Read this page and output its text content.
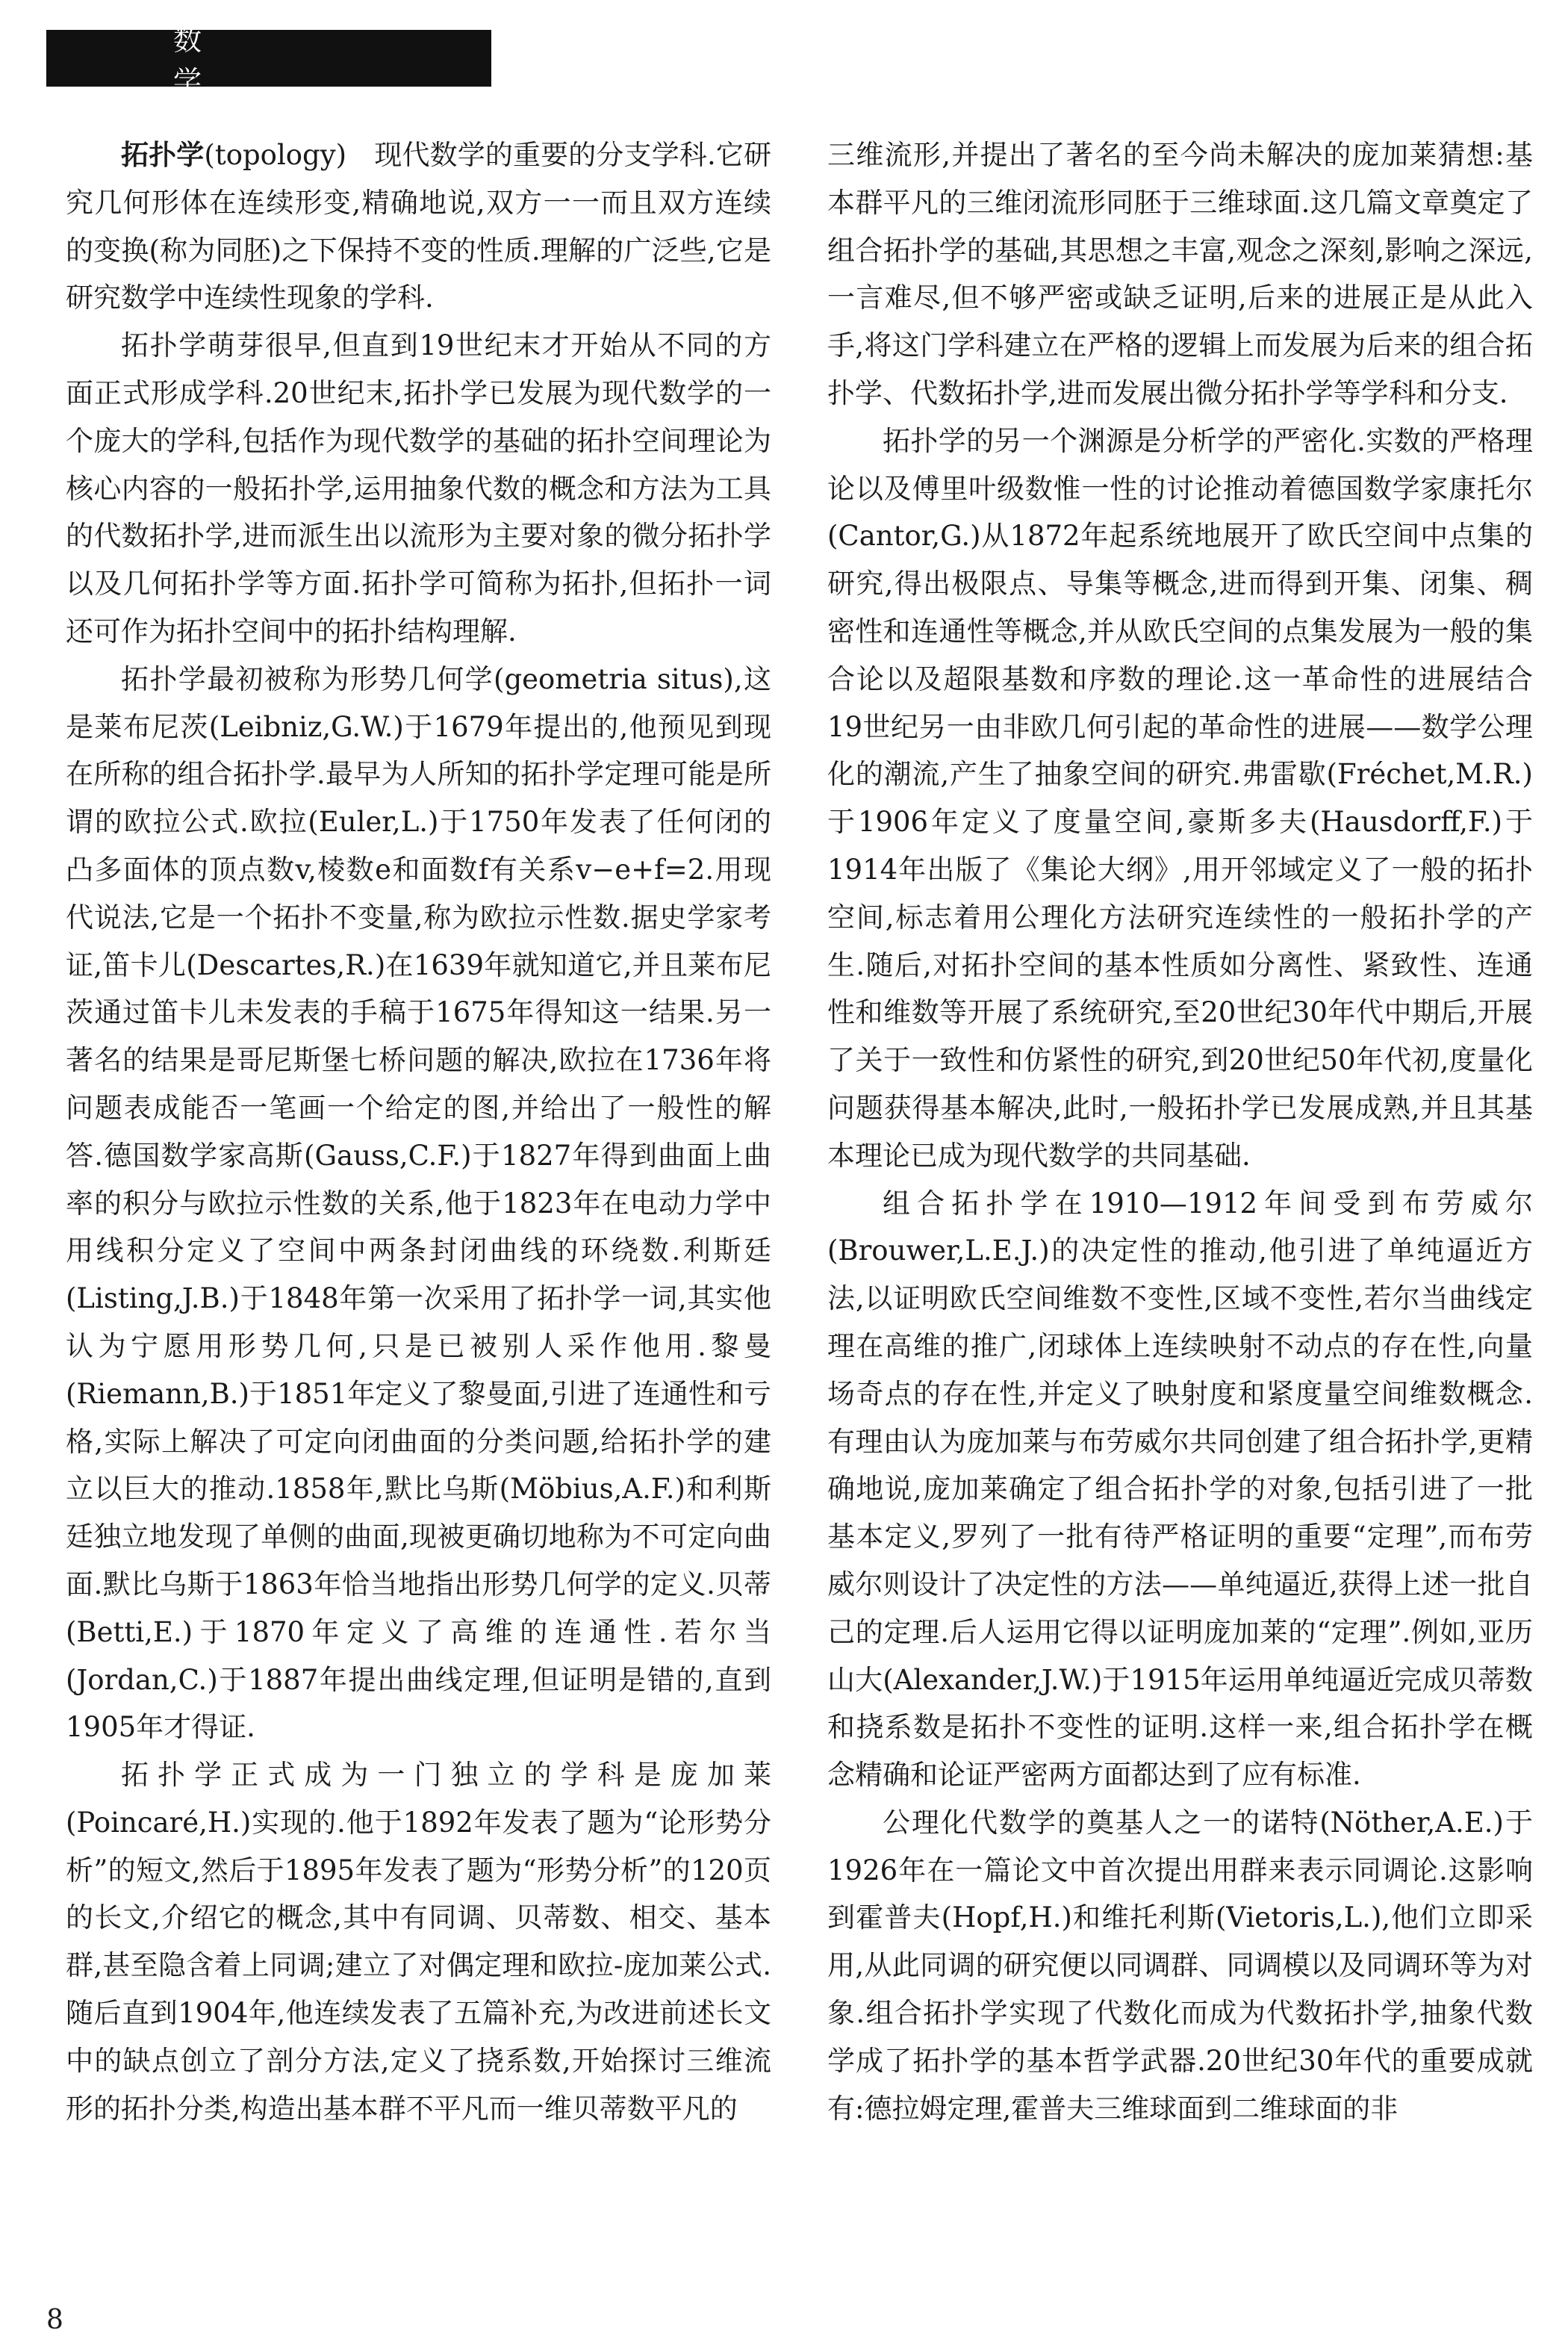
数 学

拓扑学(topology)　现代数学的重要的分支学科.它研究几何形体在连续形变,精确地说,双方一一而且双方连续的变换(称为同胚)之下保持不变的性质.理解的广泛些,它是研究数学中连续性现象的学科.

拓扑学萌芽很早,但直到19世纪末才开始从不同的方面正式形成学科.20世纪末,拓扑学已发展为现代数学的一个庞大的学科,包括作为现代数学的基础的拓扑空间理论为核心内容的一般拓扑学,运用抽象代数的概念和方法为工具的代数拓扑学,进而派生出以流形为主要对象的微分拓扑学以及几何拓扑学等方面.拓扑学可简称为拓扑,但拓扑一词还可作为拓扑空间中的拓扑结构理解.

拓扑学最初被称为形势几何学(geometria situs),这是莱布尼茨(Leibniz,G.W.)于1679年提出的,他预见到现在所称的组合拓扑学.最早为人所知的拓扑学定理可能是所谓的欧拉公式.欧拉(Euler,L.)于1750年发表了任何闭的凸多面体的顶点数v,棱数e和面数f有关系v−e+f=2.用现代说法,它是一个拓扑不变量,称为欧拉示性数.据史学家考证,笛卡儿(Descartes,R.)在1639年就知道它,并且莱布尼茨通过笛卡儿未发表的手稿于1675年得知这一结果.另一著名的结果是哥尼斯堡七桥问题的解决,欧拉在1736年将问题表成能否一笔画一个给定的图,并给出了一般性的解答.德国数学家高斯(Gauss,C.F.)于1827年得到曲面上曲率的积分与欧拉示性数的关系,他于1823年在电动力学中用线积分定义了空间中两条封闭曲线的环绕数.利斯廷(Listing,J.B.)于1848年第一次采用了拓扑学一词,其实他认为宁愿用形势几何,只是已被别人采作他用.黎曼(Riemann,B.)于1851年定义了黎曼面,引进了连通性和亏格,实际上解决了可定向闭曲面的分类问题,给拓扑学的建立以巨大的推动.1858年,默比乌斯(Möbius,A.F.)和利斯廷独立地发现了单侧的曲面,现被更确切地称为不可定向曲面.默比乌斯于1863年恰当地指出形势几何学的定义.贝蒂(Betti,E.)于1870年定义了高维的连通性.若尔当(Jordan,C.)于1887年提出曲线定理,但证明是错的,直到1905年才得证.

拓扑学正式成为一门独立的学科是庞加莱(Poincaré,H.)实现的.他于1892年发表了题为“论形势分析”的短文,然后于1895年发表了题为“形势分析”的120页的长文,介绍它的概念,其中有同调、贝蒂数、相交、基本群,甚至隐含着上同调;建立了对偶定理和欧拉-庞加莱公式.随后直到1904年,他连续发表了五篇补充,为改进前述长文中的缺点创立了剖分方法,定义了挠系数,开始探讨三维流形的拓扑分类,构造出基本群不平凡而一维贝蒂数平凡的

三维流形,并提出了著名的至今尚未解决的庞加莱猜想:基本群平凡的三维闭流形同胚于三维球面.这几篇文章奠定了组合拓扑学的基础,其思想之丰富,观念之深刻,影响之深远,一言难尽,但不够严密或缺乏证明,后来的进展正是从此入手,将这门学科建立在严格的逻辑上而发展为后来的组合拓扑学、代数拓扑学,进而发展出微分拓扑学等学科和分支.

拓扑学的另一个渊源是分析学的严密化.实数的严格理论以及傅里叶级数惟一性的讨论推动着德国数学家康托尔(Cantor,G.)从1872年起系统地展开了欧氏空间中点集的研究,得出极限点、导集等概念,进而得到开集、闭集、稠密性和连通性等概念,并从欧氏空间的点集发展为一般的集合论以及超限基数和序数的理论.这一革命性的进展结合19世纪另一由非欧几何引起的革命性的进展——数学公理化的潮流,产生了抽象空间的研究.弗雷歇(Fréchet,M.R.)于1906年定义了度量空间,豪斯多夫(Hausdorff,F.)于1914年出版了《集论大纲》,用开邻域定义了一般的拓扑空间,标志着用公理化方法研究连续性的一般拓扑学的产生.随后,对拓扑空间的基本性质如分离性、紧致性、连通性和维数等开展了系统研究,至20世纪30年代中期后,开展了关于一致性和仿紧性的研究,到20世纪50年代初,度量化问题获得基本解决,此时,一般拓扑学已发展成熟,并且其基本理论已成为现代数学的共同基础.

组合拓扑学在1910—1912年间受到布劳威尔(Brouwer,L.E.J.)的决定性的推动,他引进了单纯逼近方法,以证明欧氏空间维数不变性,区域不变性,若尔当曲线定理在高维的推广,闭球体上连续映射不动点的存在性,向量场奇点的存在性,并定义了映射度和紧度量空间维数概念.有理由认为庞加莱与布劳威尔共同创建了组合拓扑学,更精确地说,庞加莱确定了组合拓扑学的对象,包括引进了一批基本定义,罗列了一批有待严格证明的重要“定理”,而布劳威尔则设计了决定性的方法——单纯逼近,获得上述一批自己的定理.后人运用它得以证明庞加莱的“定理”.例如,亚历山大(Alexander,J.W.)于1915年运用单纯逼近完成贝蒂数和挠系数是拓扑不变性的证明.这样一来,组合拓扑学在概念精确和论证严密两方面都达到了应有标准.

公理化代数学的奠基人之一的诺特(Nöther,A.E.)于1926年在一篇论文中首次提出用群来表示同调论.这影响到霍普夫(Hopf,H.)和维托利斯(Vietoris,L.),他们立即采用,从此同调的研究便以同调群、同调模以及同调环等为对象.组合拓扑学实现了代数化而成为代数拓扑学,抽象代数学成了拓扑学的基本哲学武器.20世纪30年代的重要成就有:德拉姆定理,霍普夫三维球面到二维球面的非

8
